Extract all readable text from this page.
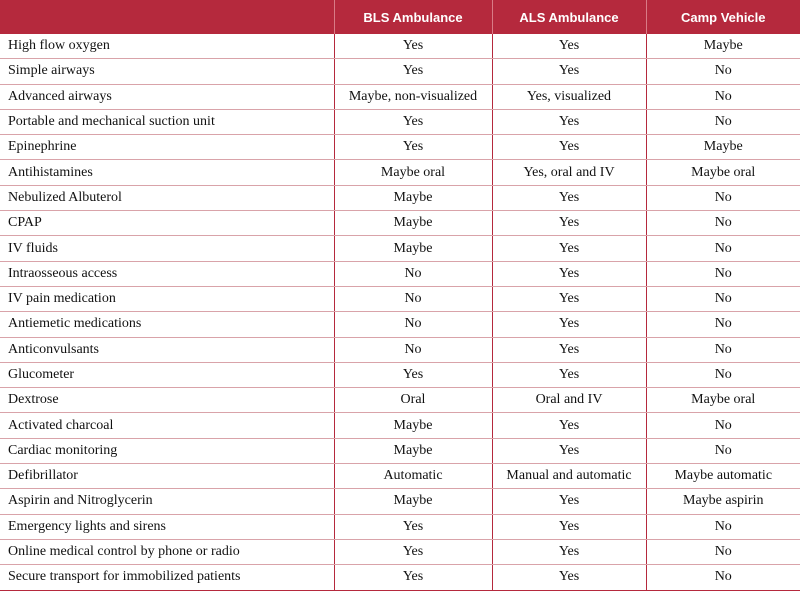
	BLS Ambulance	ALS Ambulance	Camp Vehicle
High flow oxygen	Yes	Yes	Maybe
Simple airways	Yes	Yes	No
Advanced airways	Maybe, non-visualized	Yes, visualized	No
Portable and mechanical suction unit	Yes	Yes	No
Epinephrine	Yes	Yes	Maybe
Antihistamines	Maybe oral	Yes, oral and IV	Maybe oral
Nebulized Albuterol	Maybe	Yes	No
CPAP	Maybe	Yes	No
IV fluids	Maybe	Yes	No
Intraosseous access	No	Yes	No
IV pain medication	No	Yes	No
Antiemetic medications	No	Yes	No
Anticonvulsants	No	Yes	No
Glucometer	Yes	Yes	No
Dextrose	Oral	Oral and IV	Maybe oral
Activated charcoal	Maybe	Yes	No
Cardiac monitoring	Maybe	Yes	No
Defibrillator	Automatic	Manual and automatic	Maybe automatic
Aspirin and Nitroglycerin	Maybe	Yes	Maybe aspirin
Emergency lights and sirens	Yes	Yes	No
Online medical control by phone or radio	Yes	Yes	No
Secure transport for immobilized patients	Yes	Yes	No
